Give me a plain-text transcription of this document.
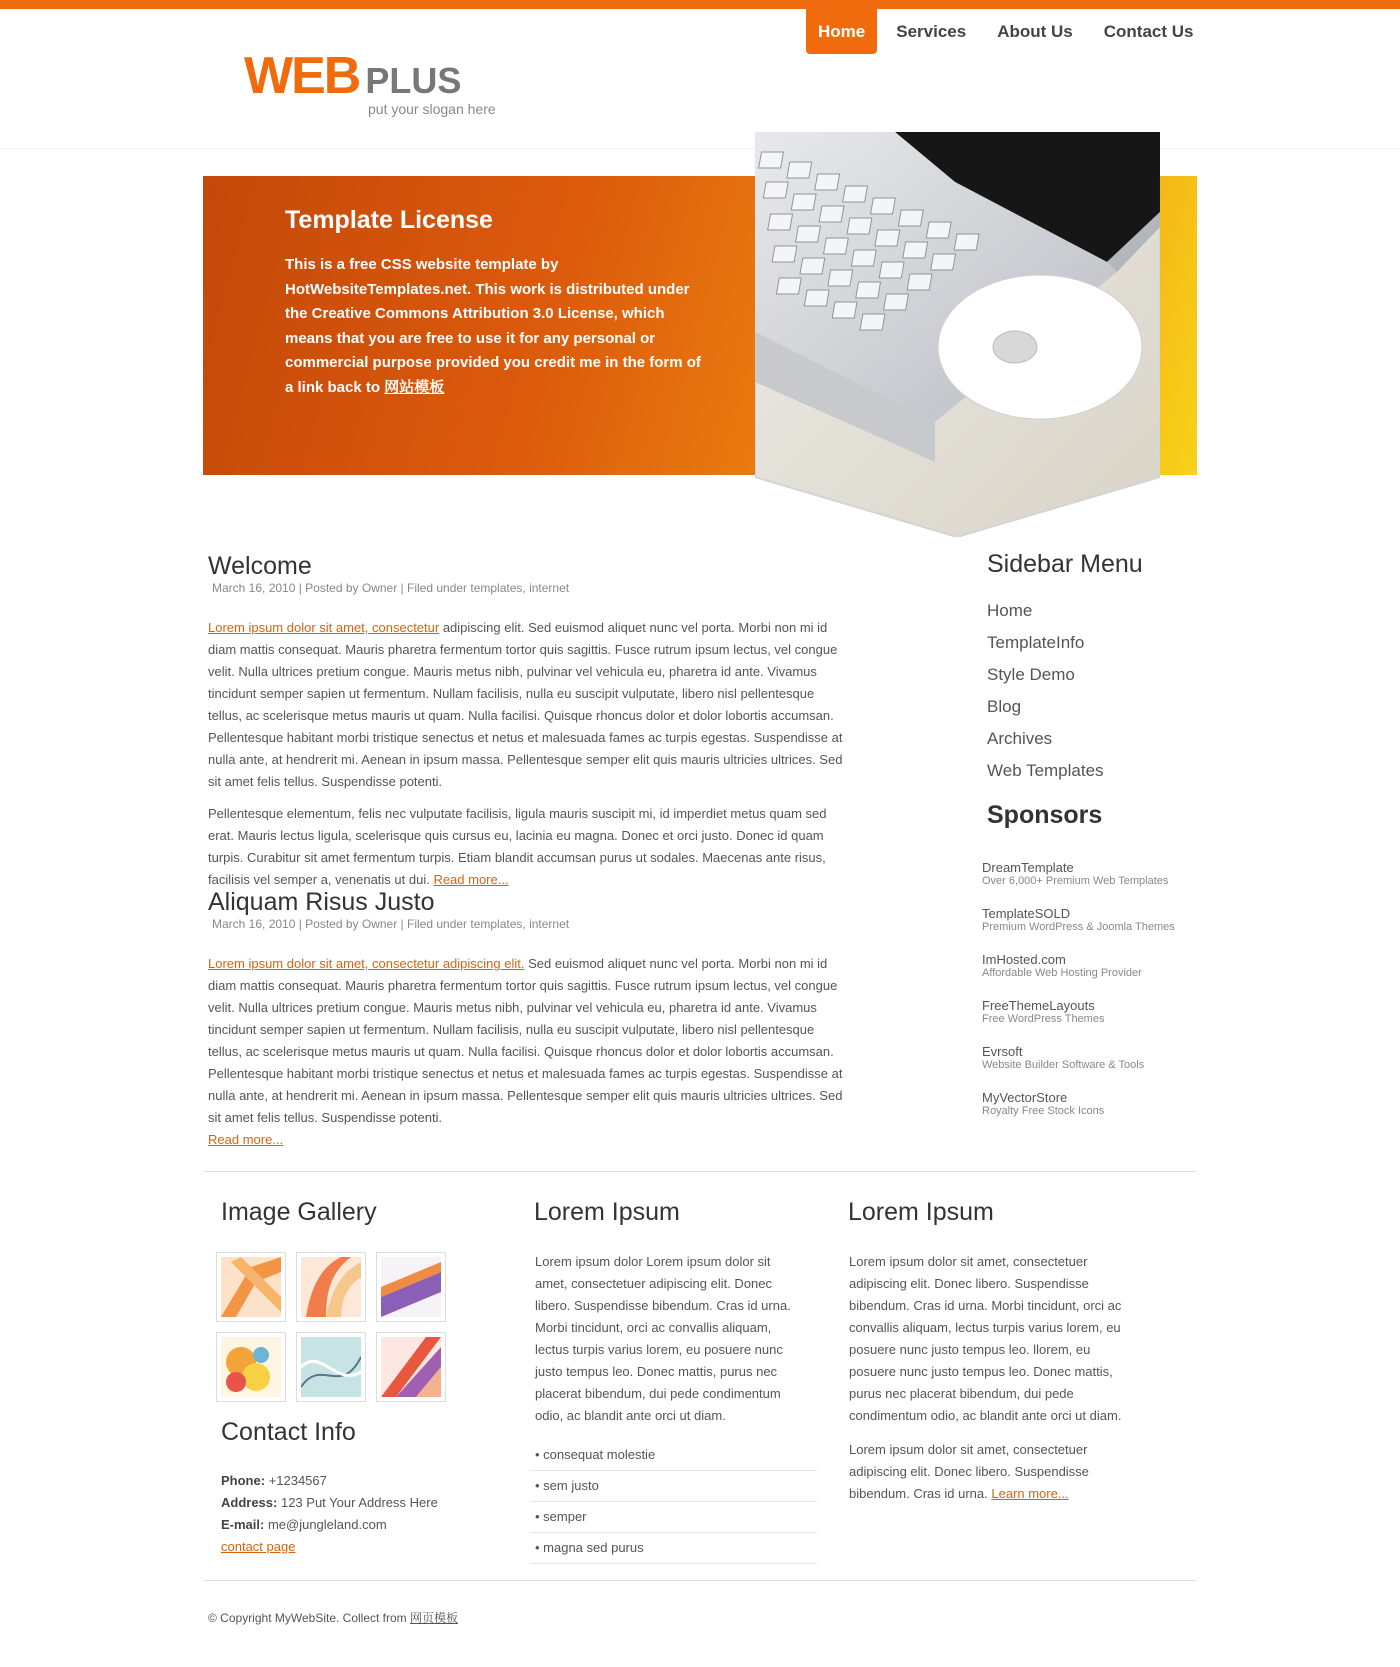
WEB PLUS
put your slogan here
Home	Services	About Us	Contact Us
Template License
This is a free CSS website template by HotWebsiteTemplates.net. This work is distributed under the Creative Commons Attribution 3.0 License, which means that you are free to use it for any personal or commercial purpose provided you credit me in the form of a link back to 网站模板
Welcome
March 16, 2010 | Posted by Owner | Filed under templates, internet

Lorem ipsum dolor sit amet, consectetur adipiscing elit. Sed euismod aliquet nunc vel porta. Morbi non mi id diam mattis consequat. Mauris pharetra fermentum tortor quis sagittis. Fusce rutrum ipsum lectus, vel congue velit. Nulla ultrices pretium congue. Mauris metus nibh, pulvinar vel vehicula eu, pharetra id ante. Vivamus tincidunt semper sapien ut fermentum. Nullam facilisis, nulla eu suscipit vulputate, libero nisl pellentesque tellus, ac scelerisque metus mauris ut quam. Nulla facilisi. Quisque rhoncus dolor et dolor lobortis accumsan. Pellentesque habitant morbi tristique senectus et netus et malesuada fames ac turpis egestas. Suspendisse at nulla ante, at hendrerit mi. Aenean in ipsum massa. Pellentesque semper elit quis mauris ultricies ultrices. Sed sit amet felis tellus. Suspendisse potenti.

Pellentesque elementum, felis nec vulputate facilisis, ligula mauris suscipit mi, id imperdiet metus quam sed erat. Mauris lectus ligula, scelerisque quis cursus eu, lacinia eu magna. Donec et orci justo. Donec id quam turpis. Curabitur sit amet fermentum turpis. Etiam blandit accumsan purus ut sodales. Maecenas ante risus, facilisis vel semper a, venenatis ut dui. Read more...

Aliquam Risus Justo
March 16, 2010 | Posted by Owner | Filed under templates, internet

Lorem ipsum dolor sit amet, consectetur adipiscing elit. Sed euismod aliquet nunc vel porta. Morbi non mi id diam mattis consequat. Mauris pharetra fermentum tortor quis sagittis. Fusce rutrum ipsum lectus, vel congue velit. Nulla ultrices pretium congue. Mauris metus nibh, pulvinar vel vehicula eu, pharetra id ante. Vivamus tincidunt semper sapien ut fermentum. Nullam facilisis, nulla eu suscipit vulputate, libero nisl pellentesque tellus, ac scelerisque metus mauris ut quam. Nulla facilisi. Quisque rhoncus dolor et dolor lobortis accumsan. Pellentesque habitant morbi tristique senectus et netus et malesuada fames ac turpis egestas. Suspendisse at nulla ante, at hendrerit mi. Aenean in ipsum massa. Pellentesque semper elit quis mauris ultricies ultrices. Sed sit amet felis tellus. Suspendisse potenti.

Read more...
Sidebar Menu
Home
TemplateInfo
Style Demo
Blog
Archives
Web Templates
Sponsors
DreamTemplate
Over 6,000+ Premium Web Templates
TemplateSOLD
Premium WordPress & Joomla Themes
ImHosted.com
Affordable Web Hosting Provider
FreeThemeLayouts
Free WordPress Themes
Evrsoft
Website Builder Software & Tools
MyVectorStore
Royalty Free Stock Icons
Image Gallery
Contact Info
Phone: +1234567
Address: 123 Put Your Address Here
E-mail: me@jungleland.com
contact page
Lorem Ipsum
Lorem ipsum dolor Lorem ipsum dolor sit amet, consectetuer adipiscing elit. Donec libero. Suspendisse bibendum. Cras id urna. Morbi tincidunt, orci ac convallis aliquam, lectus turpis varius lorem, eu posuere nunc justo tempus leo. Donec mattis, purus nec placerat bibendum, dui pede condimentum odio, ac blandit ante orci ut diam.
• consequat molestie
• sem justo
• semper
• magna sed purus
Lorem Ipsum
Lorem ipsum dolor sit amet, consectetuer adipiscing elit. Donec libero. Suspendisse bibendum. Cras id urna. Morbi tincidunt, orci ac convallis aliquam, lectus turpis varius lorem, eu posuere nunc justo tempus leo. llorem, eu posuere nunc justo tempus leo. Donec mattis, purus nec placerat bibendum, dui pede condimentum odio, ac blandit ante orci ut diam.
Lorem ipsum dolor sit amet, consectetuer adipiscing elit. Donec libero. Suspendisse bibendum. Cras id urna. Learn more...
© Copyright MyWebSite. Collect from 网页模板
